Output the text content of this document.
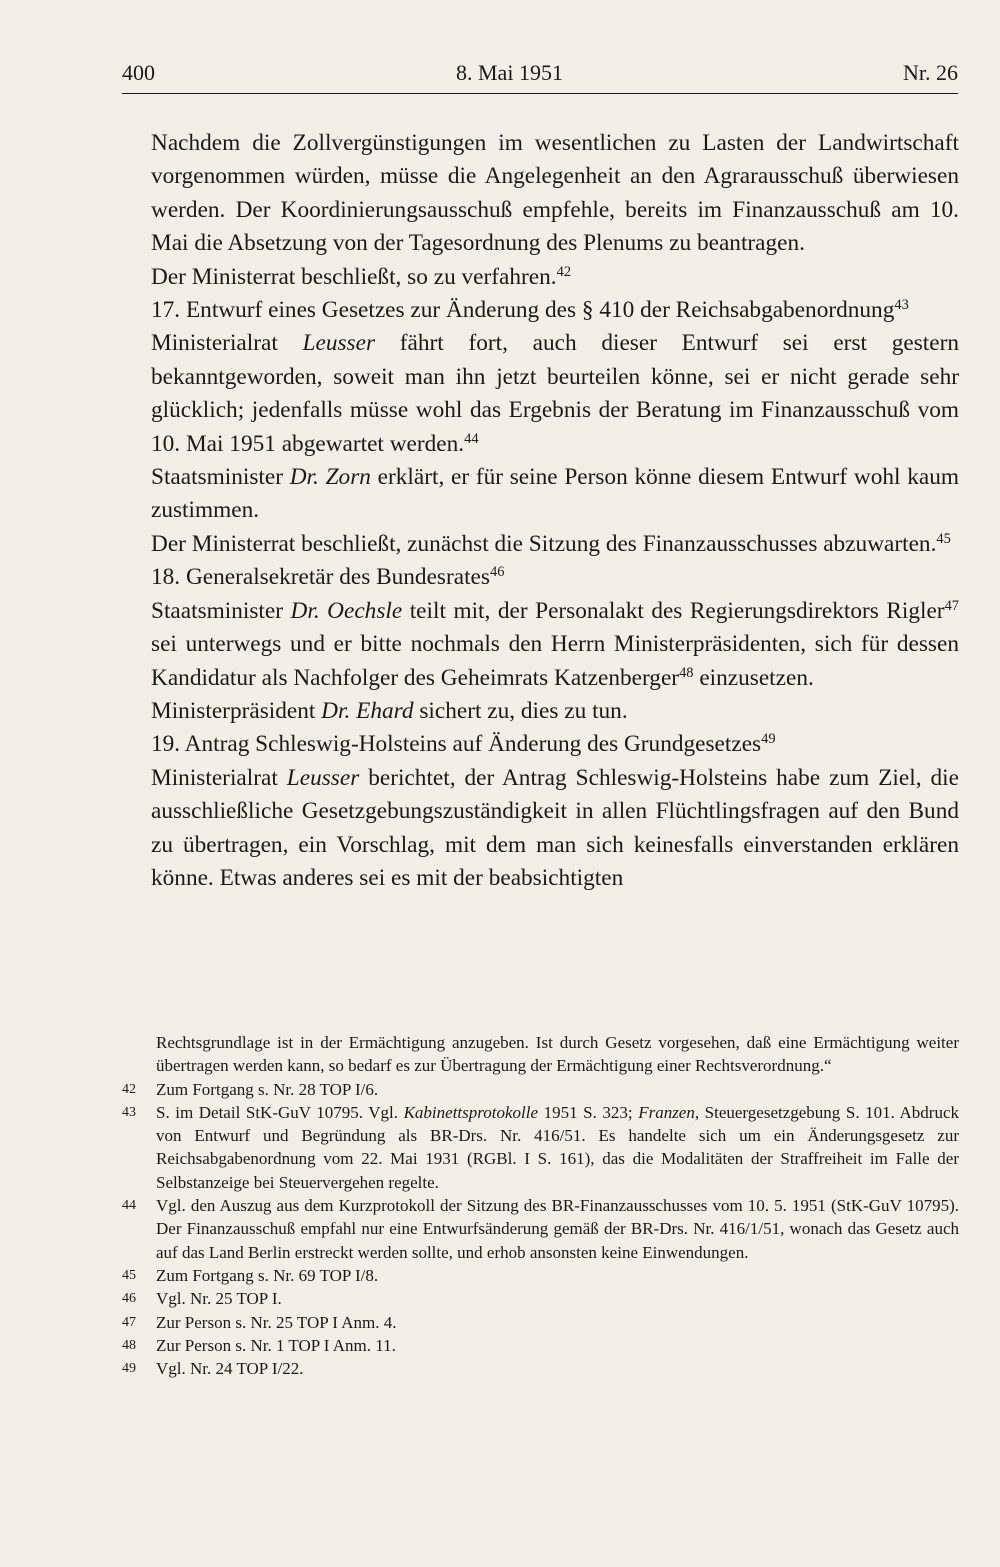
400	8. Mai 1951	Nr. 26

Nachdem die Zollvergünstigungen im wesentlichen zu Lasten der Landwirtschaft vorgenommen würden, müsse die Angelegenheit an den Agrarausschuß überwiesen werden. Der Koordinierungsausschuß empfehle, bereits im Finanzausschuß am 10. Mai die Absetzung von der Tagesordnung des Plenums zu beantragen.

Der Ministerrat beschließt, so zu verfahren.$^{42}$

17. Entwurf eines Gesetzes zur Änderung des § 410 der Reichsabgabenordnung$^{43}$

Ministerialrat Leusser fährt fort, auch dieser Entwurf sei erst gestern bekanntgeworden, soweit man ihn jetzt beurteilen könne, sei er nicht gerade sehr glücklich; jedenfalls müsse wohl das Ergebnis der Beratung im Finanzausschuß vom 10. Mai 1951 abgewartet werden.$^{44}$

Staatsminister Dr. Zorn erklärt, er für seine Person könne diesem Entwurf wohl kaum zustimmen.

Der Ministerrat beschließt, zunächst die Sitzung des Finanzausschusses abzuwarten.$^{45}$

18. Generalsekretär des Bundesrates$^{46}$

Staatsminister Dr. Oechsle teilt mit, der Personalakt des Regierungsdirektors Rigler$^{47}$ sei unterwegs und er bitte nochmals den Herrn Ministerpräsidenten, sich für dessen Kandidatur als Nachfolger des Geheimrats Katzenberger$^{48}$ einzusetzen.

Ministerpräsident Dr. Ehard sichert zu, dies zu tun.

19. Antrag Schleswig-Holsteins auf Änderung des Grundgesetzes$^{49}$

Ministerialrat Leusser berichtet, der Antrag Schleswig-Holsteins habe zum Ziel, die ausschließliche Gesetzgebungszuständigkeit in allen Flüchtlingsfragen auf den Bund zu übertragen, ein Vorschlag, mit dem man sich keinesfalls einverstanden erklären könne. Etwas anderes sei es mit der beabsichtigten

Rechtsgrundlage ist in der Ermächtigung anzugeben. Ist durch Gesetz vorgesehen, daß eine Ermächtigung weiter übertragen werden kann, so bedarf es zur Übertragung der Ermächtigung einer Rechtsverordnung.“

42 Zum Fortgang s. Nr. 28 TOP I/6.

43 S. im Detail StK-GuV 10795. Vgl. Kabinettsprotokolle 1951 S. 323; Franzen, Steuergesetzgebung S. 101. Abdruck von Entwurf und Begründung als BR-Drs. Nr. 416/51. Es handelte sich um ein Änderungsgesetz zur Reichsabgabenordnung vom 22. Mai 1931 (RGBl. I S. 161), das die Modalitäten der Straffreiheit im Falle der Selbstanzeige bei Steuervergehen regelte.

44 Vgl. den Auszug aus dem Kurzprotokoll der Sitzung des BR-Finanzausschusses vom 10. 5. 1951 (StK-GuV 10795). Der Finanzausschuß empfahl nur eine Entwurfsänderung gemäß der BR-Drs. Nr. 416/1/51, wonach das Gesetz auch auf das Land Berlin erstreckt werden sollte, und erhob ansonsten keine Einwendungen.

45 Zum Fortgang s. Nr. 69 TOP I/8.

46 Vgl. Nr. 25 TOP I.

47 Zur Person s. Nr. 25 TOP I Anm. 4.

48 Zur Person s. Nr. 1 TOP I Anm. 11.

49 Vgl. Nr. 24 TOP I/22.
